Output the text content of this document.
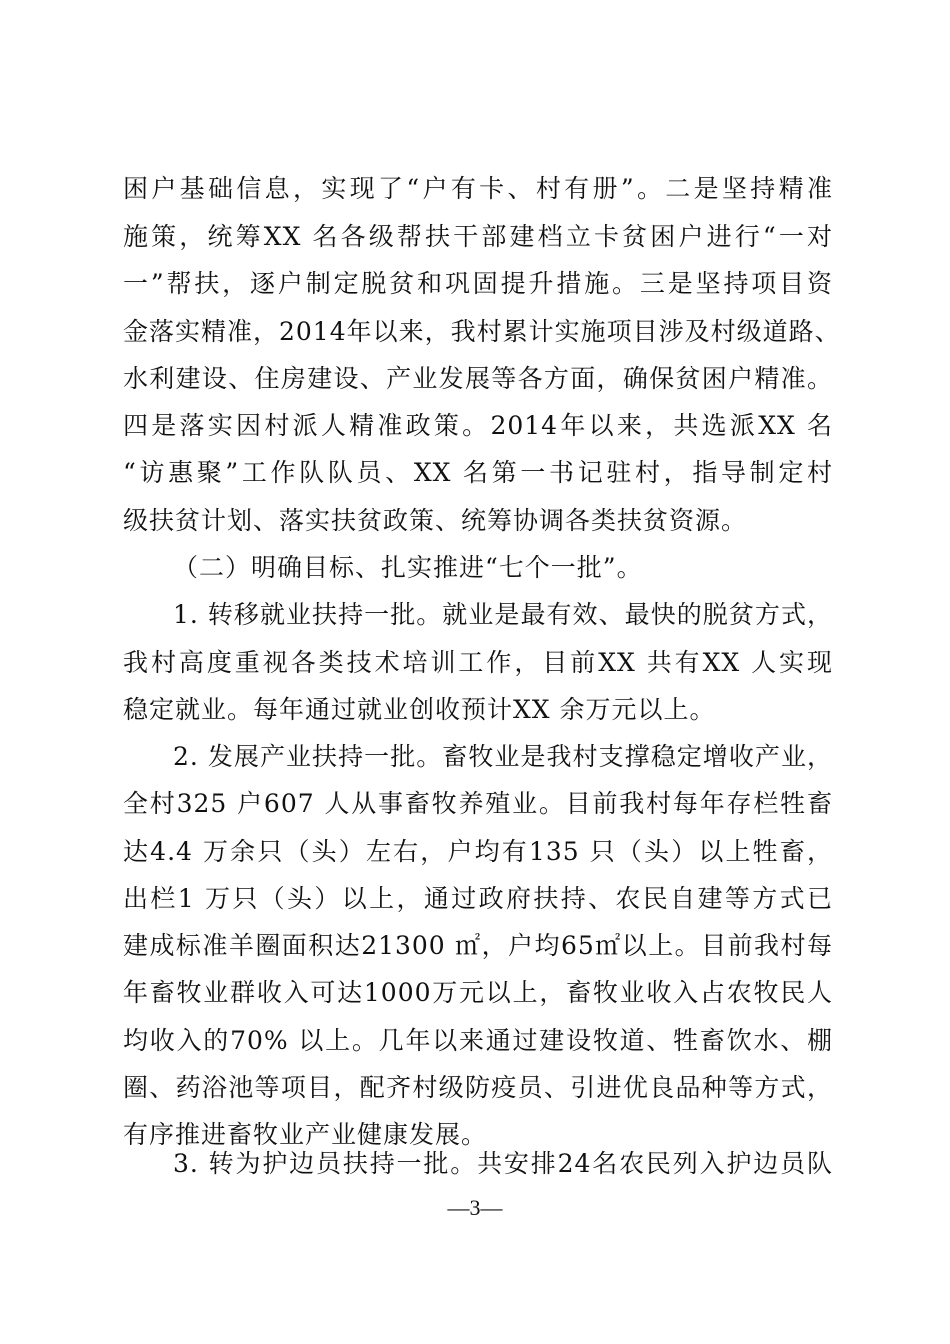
困户基础信息，实现了“户有卡、村有册”。二是坚持精准
施策，统筹XX 名各级帮扶干部建档立卡贫困户进行“一对
一”帮扶，逐户制定脱贫和巩固提升措施。三是坚持项目资
金落实精准，2014年以来，我村累计实施项目涉及村级道路、
水利建设、住房建设、产业发展等各方面，确保贫困户精准。
四是落实因村派人精准政策。2014年以来，共选派XX 名
“访惠聚”工作队队员、XX 名第一书记驻村，指导制定村
级扶贫计划、落实扶贫政策、统筹协调各类扶贫资源。
（二）明确目标、扎实推进“七个一批”。
1. 转移就业扶持一批。就业是最有效、最快的脱贫方式，
我村高度重视各类技术培训工作，目前XX 共有XX 人实现
稳定就业。每年通过就业创收预计XX 余万元以上。
2. 发展产业扶持一批。畜牧业是我村支撑稳定增收产业，
全村325 户607 人从事畜牧养殖业。目前我村每年存栏牲畜
达4.4 万余只（头）左右，户均有135 只（头）以上牲畜，
出栏1 万只（头）以上，通过政府扶持、农民自建等方式已
建成标准羊圈面积达21300 ㎡，户均65㎡以上。目前我村每
年畜牧业群收入可达1000万元以上，畜牧业收入占农牧民人
均收入的70% 以上。几年以来通过建设牧道、牲畜饮水、棚
圈、药浴池等项目，配齐村级防疫员、引进优良品种等方式，
有序推进畜牧业产业健康发展。
3. 转为护边员扶持一批。共安排24名农民列入护边员队
—3—
